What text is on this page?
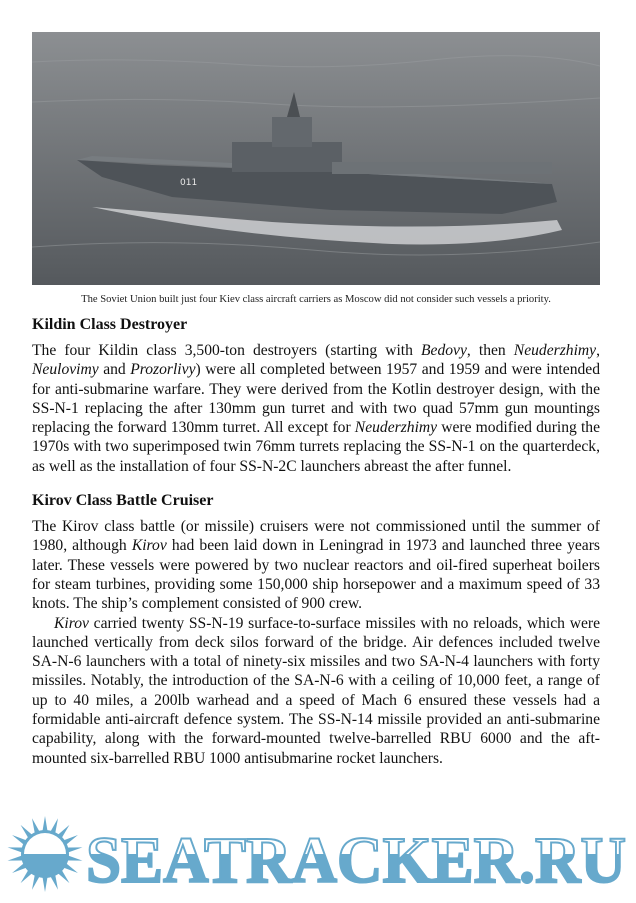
011

The Soviet Union built just four Kiev class aircraft carriers as Moscow did not consider such vessels a priority.

Kildin Class Destroyer

The four Kildin class 3,500-ton destroyers (starting with Bedovy, then Neuderzhimy, Neulovimy and Prozorlivy) were all completed between 1957 and 1959 and were intended for anti-submarine warfare. They were derived from the Kotlin destroyer design, with the SS-N-1 replacing the after 130mm gun turret and with two quad 57mm gun mountings replacing the forward 130mm turret. All except for Neuderzhimy were modified during the 1970s with two superimposed twin 76mm turrets replacing the SS-N-1 on the quarterdeck, as well as the installation of four SS-N-2C launchers abreast the after funnel.

Kirov Class Battle Cruiser

The Kirov class battle (or missile) cruisers were not commissioned until the summer of 1980, although Kirov had been laid down in Leningrad in 1973 and launched three years later. These vessels were powered by two nuclear reactors and oil-fired superheat boilers for steam turbines, providing some 150,000 ship horsepower and a maximum speed of 33 knots. The ship’s complement consisted of 900 crew.

Kirov carried twenty SS-N-19 surface-to-surface missiles with no reloads, which were launched vertically from deck silos forward of the bridge. Air defences included twelve SA-N-6 launchers with a total of ninety-six missiles and two SA-N-4 launchers with forty missiles. Notably, the introduction of the SA-N-6 with a ceiling of 10,000 feet, a range of up to 40 miles, a 200lb warhead and a speed of Mach 6 ensured these vessels had a formidable anti-aircraft defence system. The SS-N-14 missile provided an anti-submarine capability, along with the forward-mounted twelve-barrelled RBU 6000 and the aft-mounted six-barrelled RBU 1000 antisubmarine rocket launchers.

SEATRACKER.RU
